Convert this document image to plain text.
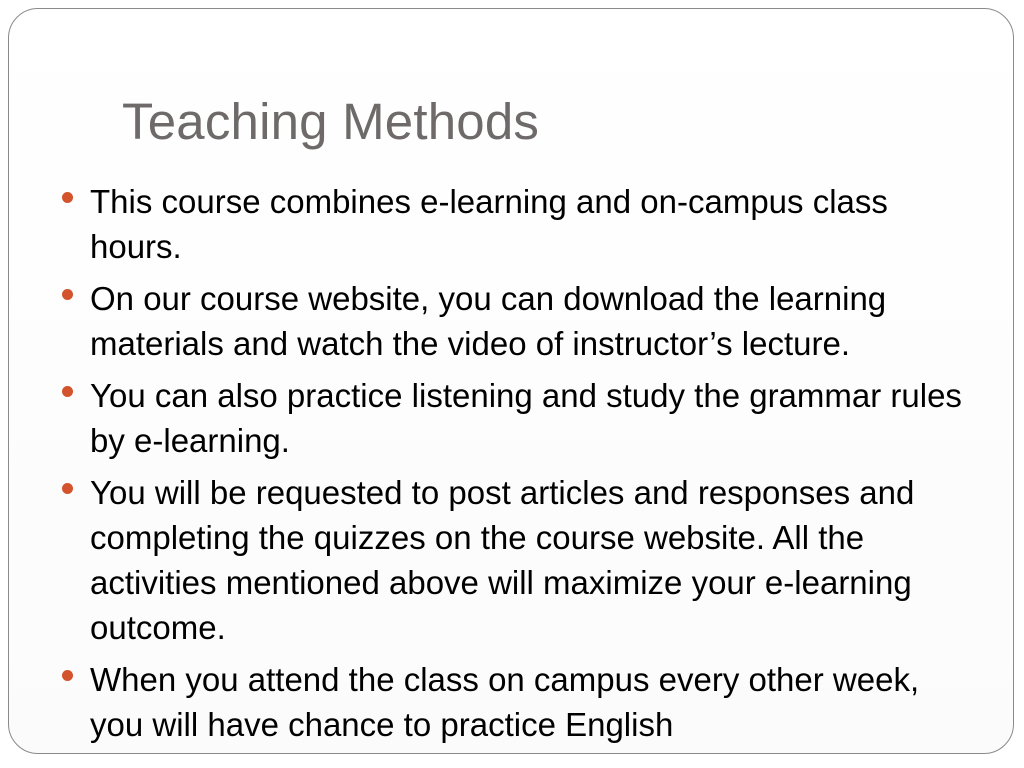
Teaching Methods
This course combines e-learning and on-campus class hours.
On our course website, you can download the learning materials and watch the video of instructor’s lecture.
You can also practice listening and study the grammar rules by e-learning.
You will be requested to post articles and responses and completing the quizzes on the course website. All the activities mentioned above will maximize your e-learning outcome.
When you attend the class on campus every other week, you will have chance to practice English
